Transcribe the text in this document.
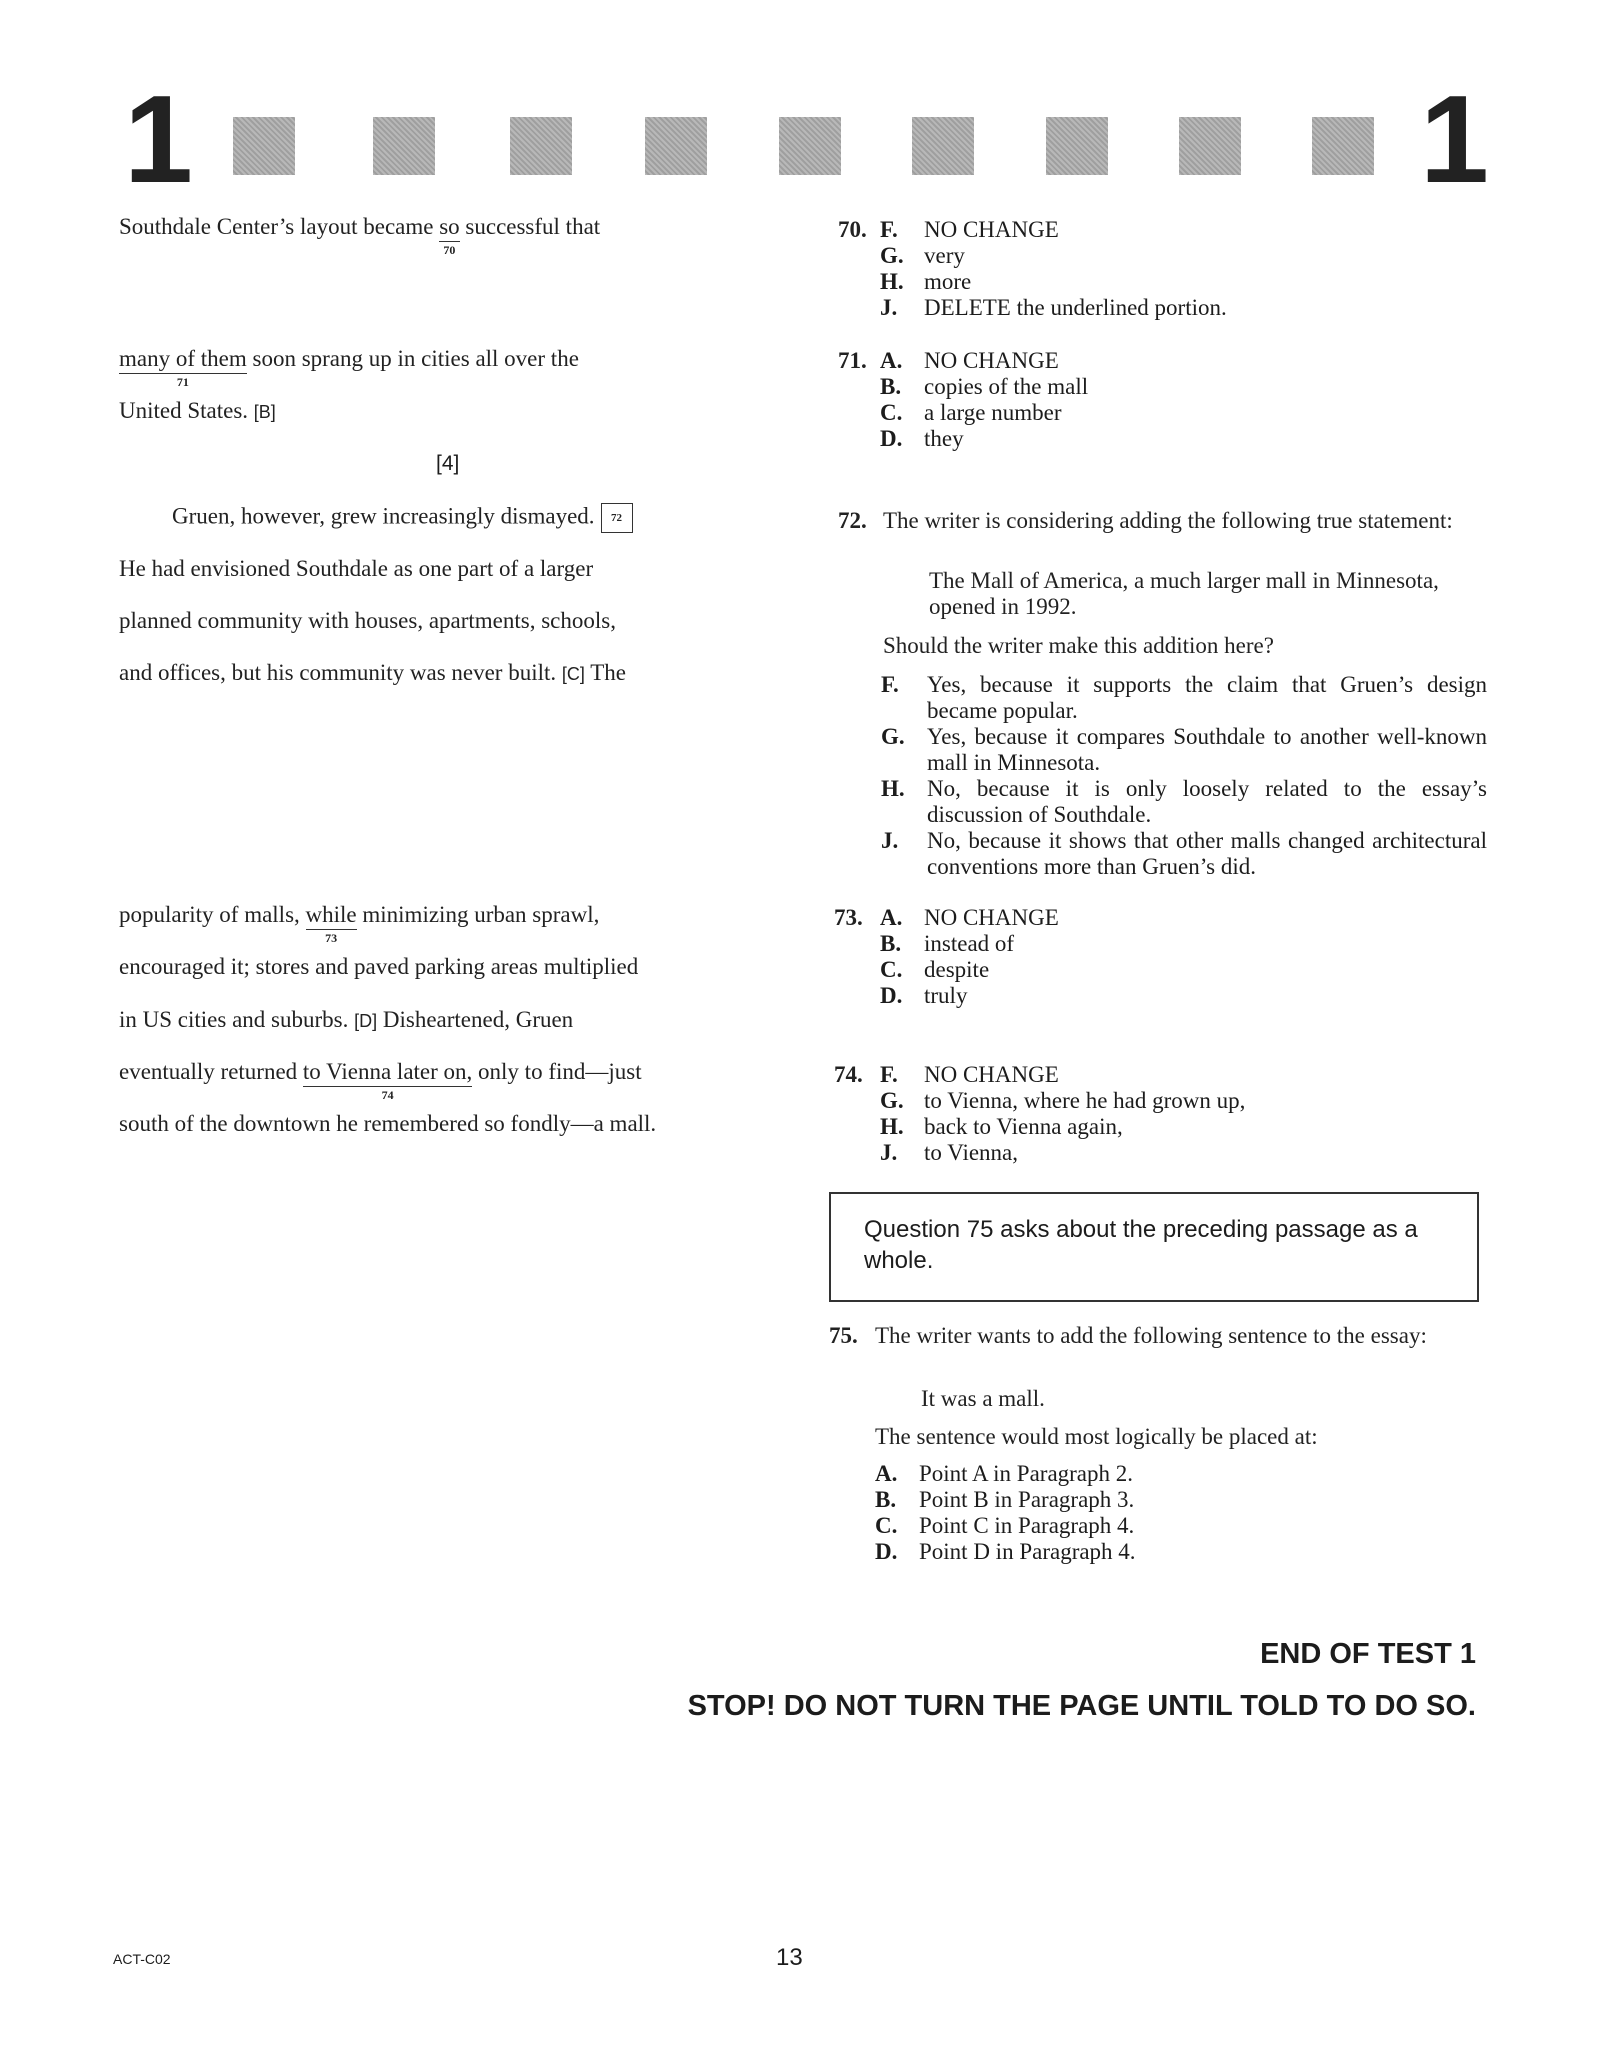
1	1
Southdale Center’s layout became so
70
successful that
many of them
71
soon sprang up in cities all over the
United States. [B]
[4]
Gruen, however, grew increasingly dismayed. 72
He had envisioned Southdale as one part of a larger
planned community with houses, apartments, schools,
and offices, but his community was never built. [C] The
popularity of malls, while
73
minimizing urban sprawl,
encouraged it; stores and paved parking areas multiplied
in US cities and suburbs. [D] Disheartened, Gruen
eventually returned to Vienna later on,
74
only to find—just
south of the downtown he remembered so fondly—a mall.
70. F. NO CHANGE
G. very
H. more
J. DELETE the underlined portion.
71. A. NO CHANGE
B. copies of the mall
C. a large number
D. they
72. The writer is considering adding the following true statement:
The Mall of America, a much larger mall in Minnesota, opened in 1992.
Should the writer make this addition here?
F. Yes, because it supports the claim that Gruen’s design became popular.
G. Yes, because it compares Southdale to another well-known mall in Minnesota.
H. No, because it is only loosely related to the essay’s discussion of Southdale.
J. No, because it shows that other malls changed architectural conventions more than Gruen’s did.
73. A. NO CHANGE
B. instead of
C. despite
D. truly
74. F. NO CHANGE
G. to Vienna, where he had grown up,
H. back to Vienna again,
J. to Vienna,
Question 75 asks about the preceding passage as a whole.
75. The writer wants to add the following sentence to the essay:
It was a mall.
The sentence would most logically be placed at:
A. Point A in Paragraph 2.
B. Point B in Paragraph 3.
C. Point C in Paragraph 4.
D. Point D in Paragraph 4.
END OF TEST 1
STOP! DO NOT TURN THE PAGE UNTIL TOLD TO DO SO.
ACT-C02	13
